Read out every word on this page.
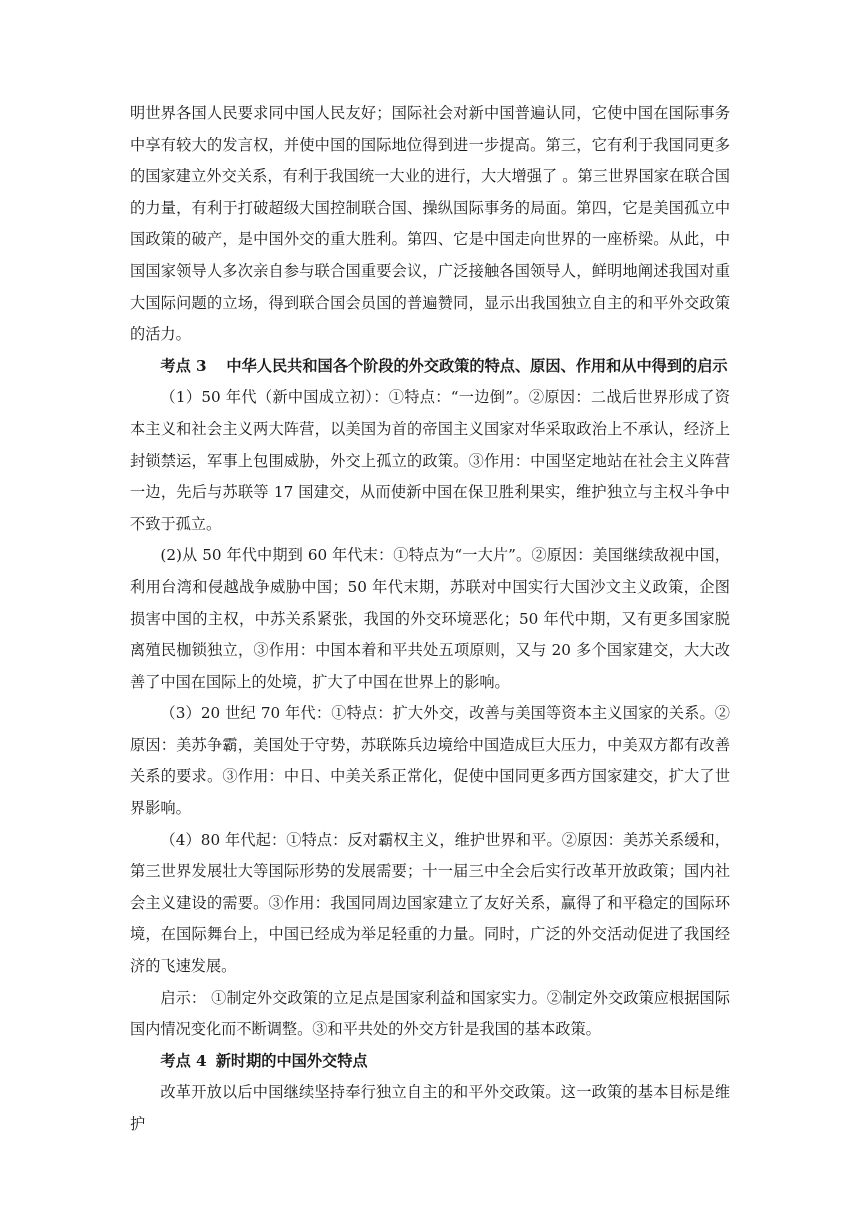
明世界各国人民要求同中国人民友好；国际社会对新中国普遍认同，它使中国在国际事务中享有较大的发言权，并使中国的国际地位得到进一步提高。第三，它有利于我国同更多的国家建立外交关系，有利于我国统一大业的进行，大大增强了 。第三世界国家在联合国的力量，有利于打破超级大国控制联合国、操纵国际事务的局面。第四，它是美国孤立中国政策的破产，是中国外交的重大胜利。第四、它是中国走向世界的一座桥梁。从此，中国国家领导人多次亲自参与联合国重要会议，广泛接触各国领导人，鲜明地阐述我国对重大国际问题的立场，得到联合国会员国的普遍赞同，显示出我国独立自主的和平外交政策的活力。

考点 3 中华人民共和国各个阶段的外交政策的特点、原因、作用和从中得到的启示

（1）50 年代（新中国成立初）：①特点：“一边倒”。②原因：二战后世界形成了资本主义和社会主义两大阵营，以美国为首的帝国主义国家对华采取政治上不承认，经济上封锁禁运，军事上包围威胁，外交上孤立的政策。③作用：中国坚定地站在社会主义阵营一边，先后与苏联等 17 国建交，从而使新中国在保卫胜利果实，维护独立与主权斗争中不致于孤立。

(2)从 50 年代中期到 60 年代末：①特点为“一大片”。②原因：美国继续敌视中国，利用台湾和侵越战争威胁中国；50 年代末期，苏联对中国实行大国沙文主义政策，企图损害中国的主权，中苏关系紧张，我国的外交环境恶化；50 年代中期，又有更多国家脱离殖民枷锁独立，③作用：中国本着和平共处五项原则，又与 20 多个国家建交，大大改善了中国在国际上的处境，扩大了中国在世界上的影响。

（3）20 世纪 70 年代：①特点：扩大外交，改善与美国等资本主义国家的关系。②原因：美苏争霸，美国处于守势，苏联陈兵边境给中国造成巨大压力，中美双方都有改善关系的要求。③作用：中日、中美关系正常化，促使中国同更多西方国家建交，扩大了世界影响。

（4）80 年代起：①特点：反对霸权主义，维护世界和平。②原因：美苏关系缓和，第三世界发展壮大等国际形势的发展需要；十一届三中全会后实行改革开放政策；国内社会主义建设的需要。③作用：我国同周边国家建立了友好关系，赢得了和平稳定的国际环境，在国际舞台上，中国已经成为举足轻重的力量。同时，广泛的外交活动促进了我国经济的飞速发展。

启示： ①制定外交政策的立足点是国家利益和国家实力。②制定外交政策应根据国际国内情况变化而不断调整。③和平共处的外交方针是我国的基本政策。

考点 4 新时期的中国外交特点

改革开放以后中国继续坚持奉行独立自主的和平外交政策。这一政策的基本目标是维护
